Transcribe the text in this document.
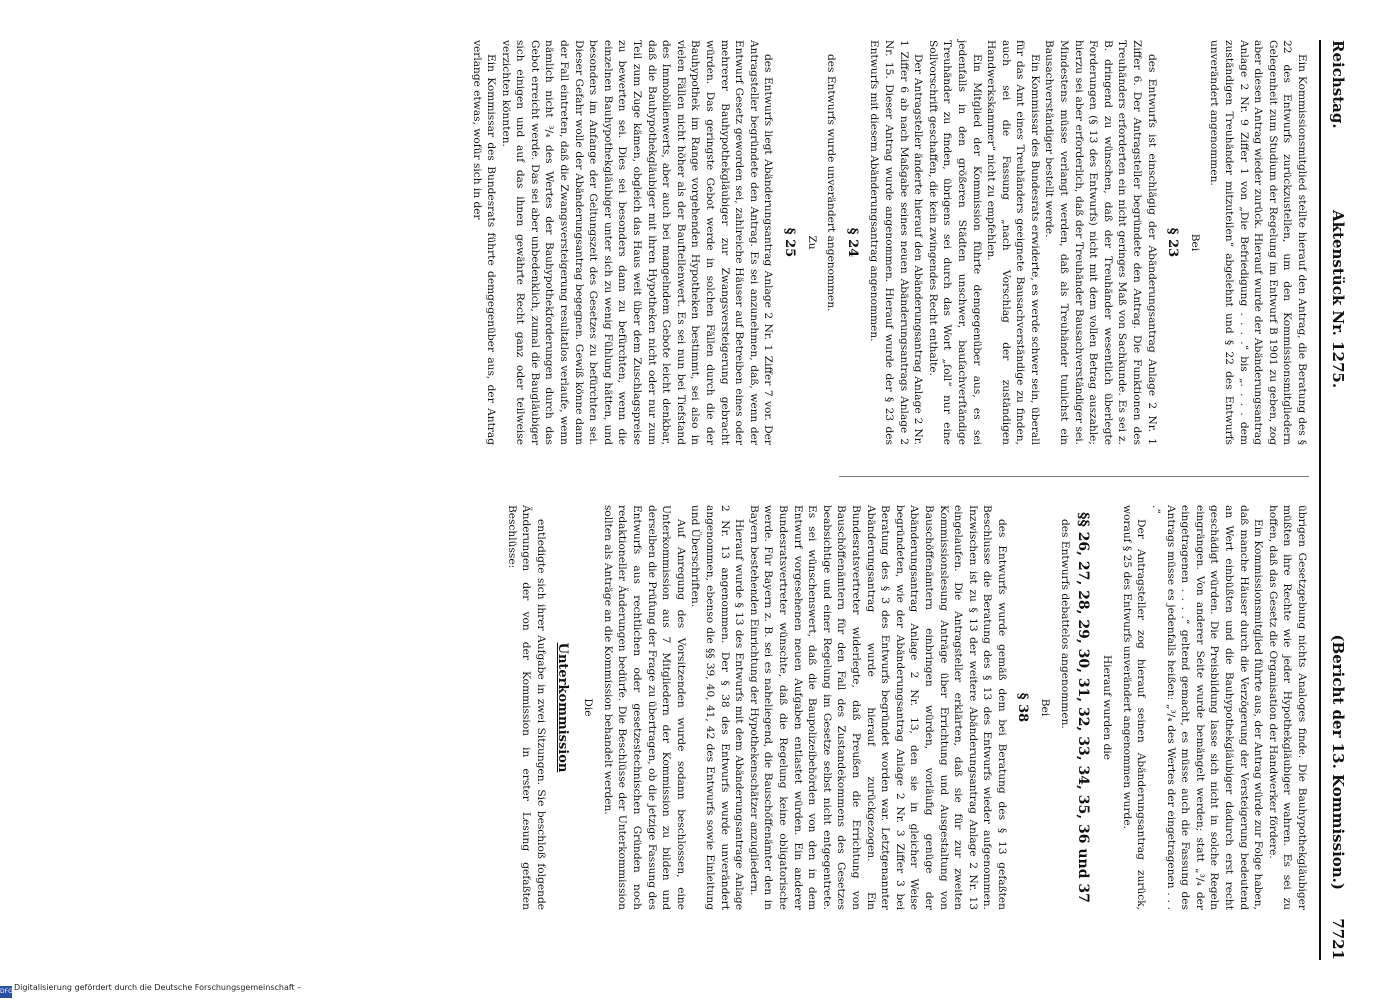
Reichstag.
Aktenstück Nr. 1275.
(Bericht der 13. Kommission.)
7721

Ein Kommissionsmitglied stellte hierauf den Antrag, die Beratung des § 22 des Entwurfs zurückzustellen, um den Kommissionsmitgliedern Gelegenheit zum Studium der Regelung im Entwurf B 1901 zu geben, zog aber diesen Antrag wieder zurück. Hierauf wurde der Abänderungsantrag Anlage 2 Nr. 9 Ziffer 1 von „Die Befriedigung . . . .“ bis „. . . . dem zuständigen Treuhänder mitzuteilen“ abgelehnt und § 22 des Entwurfs unverändert angenommen.

Bei
§ 23

des Entwurfs ist einschlägig der Abänderungsantrag Anlage 2 Nr. 1 Ziffer 6. Der Antragsteller begründete den Antrag. Die Funktionen des Treuhänders erforderten ein nicht geringes Maß von Sachkunde. Es sei z. B. dringend zu wünschen, daß der Treuhänder wesentlich überlegte Forderungen (§ 13 des Entwurfs) nicht mit dem vollen Betrag auszahle; hierzu sei aber erforderlich, daß der Treuhänder Bausachverständiger sei. Mindestens müsse verlangt werden, daß als Treuhänder tunlichst ein Bausachverständiger bestellt werde.

Ein Kommissar des Bundesrats erwiderte, es werde schwer sein, überall für das Amt eines Treuhänders geeignete Bausachverständige zu finden, auch sei die Fassung „nach Vorschlag der zuständigen Handwerkskammer“ nicht zu empfehlen.

Ein Mitglied der Kommission führte demgegenüber aus, es sei jedenfalls in den größeren Städten unschwer, bauſachverſtändige Treuhänder zu finden, übrigens sei durch das Wort „ſoll“ nur eine Sollvorschrift geschaffen, die kein zwingendes Recht enthalte.

Der Antragsteller änderte hierauf den Abänderungsantrag Anlage 2 Nr. 1 Ziffer 6 ab nach Maßgabe seines neuen Abänderungsantrags Anlage 2 Nr. 15. Dieser Antrag wurde angenommen. Hierauf wurde der § 23 des Entwurfs mit diesem Abänderungsantrag angenommen.

§ 24

des Entwurfs wurde unverändert angenommen.

Zu
§ 25

des Entwurfs liegt Abänderungsantrag Anlage 2 Nr. 1 Ziffer 7 vor. Der Antragsteller begründete den Antrag. Es sei anzunehmen, daß, wenn der Entwurf Gesetz geworden sei, zahlreiche Häuser auf Betreiben eines oder mehrerer Bauhypothekgläubiger zur Zwangsversteigerung gebracht würden. Das geringste Gebot werde in solchen Fällen durch die der Bauhypothek im Range vorgehenden Hypotheken bestimmt, sei also in vielen Fällen nicht höher als der Bauftellenwert. Es sei nun bei Tiefstand des Immobilienwerts, aber auch bei mangelndem Gebote leicht denkbar, daß die Bauhypothekgläubiger mit ihren Hypotheken nicht oder nur zum Teil zum Zuge kämen, obgleich das Haus weit über dem Zuschlagspreise zu bewerten sei. Dies sei besonders dann zu befürchten, wenn die einzelnen Bauhypothekgläubiger unter sich zu wenig Fühlung hätten, und besonders im Anfange der Geltungszeit des Gesetzes zu befürchten sei. Dieser Gefahr wolle der Abänderungsantrag begegnen. Gewiß könne dann der Fall eintreten, daß die Zwangsversteigerung resultatlos verlaufe, wenn nämlich nicht ³/₄ des Wertes der Bauhypothekforderungen durch das Gebot erreicht werde. Das sei aber unbedenklich, zumal die Baugläubiger sich einigen und auf das ihnen gewährte Recht ganz oder teilweise verzichten könnten.

Ein Kommissar des Bundesrats führte demgegenüber aus, der Antrag verlange etwas, wofür sich in der

übrigen Gesetzgebung nichts Analoges finde. Die Bauhypothekgläubiger müßten ihre Rechte wie jeder Hypothekgläubiger wahren. Es sei zu hoffen, daß das Gesetz die Organisation der Handwerker fördere.

Ein Kommissionsmitglied führte aus, der Antrag würde zur Folge haben, daß manche Häuser durch die Verzögerung der Versteigerung bedeutend an Wert einbüßten und die Bauhypothekgläubiger dadurch erst recht geschädigt würden. Die Preisbildung lasse sich nicht in solche Regeln eingrängen. Von anderer Seite wurde bemängelt werden; statt „³/₄ der eingetragenen . . . .“ geltend gemacht, es müsse auch die Fassung des Antrags müsse es jedenfalls heißen: „³/₄ des Wertes der eingetragenen . . . .“

Der Antragsteller zog hierauf seinen Abänderungsantrag zurück, worauf § 25 des Entwurfs unverändert angenommen wurde.

Hierauf wurden die
§§ 26, 27, 28, 29, 30, 31, 32, 33, 34, 35, 36 und 37

des Entwurfs debattelos angenommen.

Bei
§ 38

des Entwurfs wurde gemäß dem bei Beratung des § 13 gefaßten Beschlusse die Beratung des § 13 des Entwurfs wieder aufgenommen. Inzwischen ist zu § 13 der weitere Abänderungsantrag Anlage 2 Nr. 13 eingelaufen. Die Antragsteller erklärten, daß sie für zur zweiten Kommissionslesung Anträge über Errichtung und Ausgestaltung von Bauschöffenämtern einbringen würden, vorläufig genüge der Abänderungsantrag Anlage 2 Nr. 13, den sie in gleicher Weise begründeten, wie der Abänderungsantrag Anlage 2 Nr. 3 Ziffer 3 bei Beratung des § 3 des Entwurfs begründet worden war. Letztgenannter Abänderungsantrag wurde hierauf zurückgezogen. Ein Bundesratsvertreter widerlegte, daß Preußen die Errichtung von Bauschöffenämtern für den Fall des Zustandekommens des Gesetzes beabsichtige und einer Regelung im Gesetze selbst nicht entgegentrete. Es sei wünschenswert, daß die Baupolizeibehörden von den in dem Entwurf vorgesehenen neuen Aufgaben entlastet würden. Ein anderer Bundesratsvertreter wünschte, daß die Regelung keine obligatorische werde. Für Bayern z. B. sei es naheliegend, die Bauschöffenämter den in Bayern bestehenden Einrichtung der Hypothekenschätzer anzugliedern.

Hierauf wurde § 13 des Entwurfs mit dem Abänderungsantrage Anlage 2 Nr. 13 angenommen. Der § 38 des Entwurfs wurde unverändert angenommen, ebenso die §§ 39, 40, 41, 42 des Entwurfs sowie Einleitung und Überschriften.

Auf Anregung des Vorsitzenden wurde sodann beschlossen, eine Unterkommission aus 7 Mitgliedern der Kommission zu bilden und derselben die Prüfung der Frage zu übertragen, ob die jetzige Fassung des Entwurfs aus rechtlichen oder gesetzestechnischen Gründen noch redaktioneller Änderungen bedürfe. Die Beschlüsse der Unterkommission sollten als Anträge an die Kommission behandelt werden.

Die
Unterkommission

entledigte sich ihrer Aufgabe in zwei Sitzungen. Sie beschloß folgende Änderungen der von der Kommission in erster Lesung gefaßten Beschlüsse:

Digitalisierung gefördert durch die Deutsche Forschungsgemeinschaft –
DFG
